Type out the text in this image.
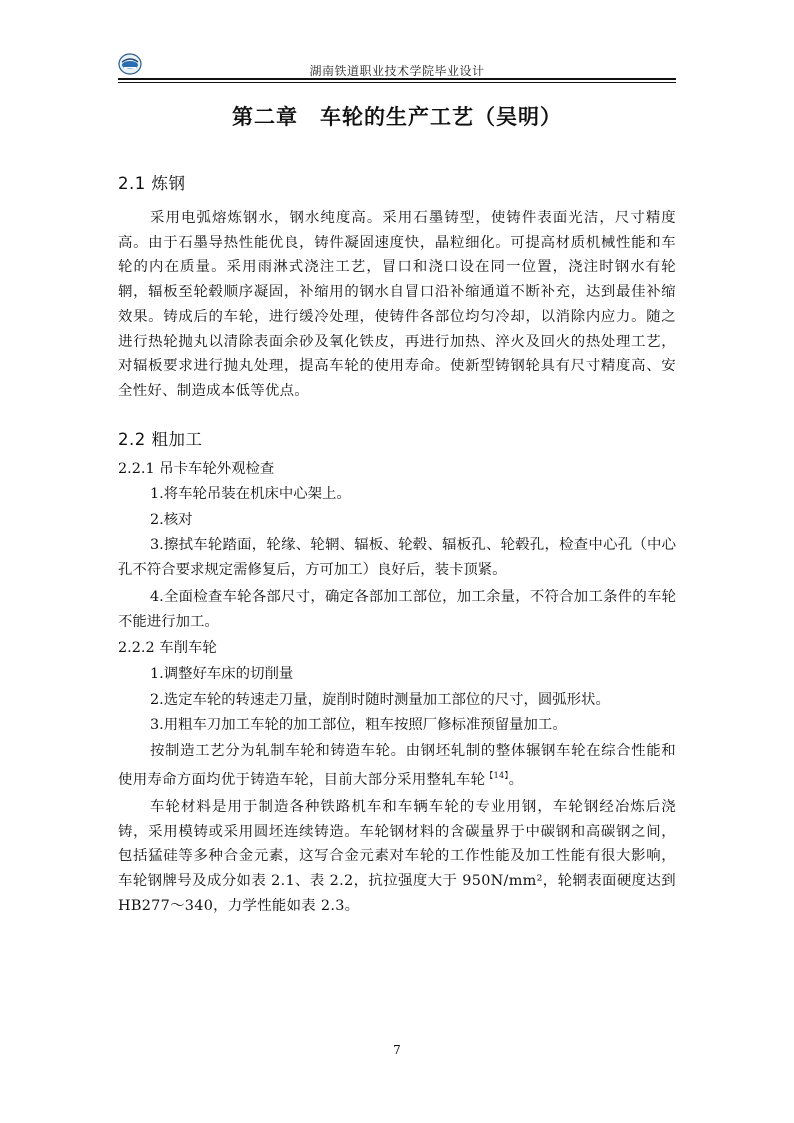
湖南铁道职业技术学院毕业设计
第二章　车轮的生产工艺（吴明）
2.1 炼钢
采用电弧熔炼钢水，钢水纯度高。采用石墨铸型，使铸件表面光洁，尺寸精度高。由于石墨导热性能优良，铸件凝固速度快，晶粒细化。可提高材质机械性能和车轮的内在质量。采用雨淋式浇注工艺，冒口和浇口设在同一位置，浇注时钢水有轮辋，辐板至轮毂顺序凝固，补缩用的钢水自冒口沿补缩通道不断补充，达到最佳补缩效果。铸成后的车轮，进行缓冷处理，使铸件各部位均匀冷却，以消除内应力。随之进行热轮抛丸以清除表面余砂及氧化铁皮，再进行加热、淬火及回火的热处理工艺，对辐板要求进行抛丸处理，提高车轮的使用寿命。使新型铸钢轮具有尺寸精度高、安全性好、制造成本低等优点。
2.2 粗加工
2.2.1 吊卡车轮外观检查
1.将车轮吊装在机床中心架上。
2.核对
3.擦拭车轮踏面，轮缘、轮辋、辐板、轮毂、辐板孔、轮毂孔，检查中心孔（中心孔不符合要求规定需修复后，方可加工）良好后，装卡顶紧。
4.全面检查车轮各部尺寸，确定各部加工部位，加工余量，不符合加工条件的车轮不能进行加工。
2.2.2 车削车轮
1.调整好车床的切削量
2.选定车轮的转速走刀量，旋削时随时测量加工部位的尺寸，圆弧形状。
3.用粗车刀加工车轮的加工部位，粗车按照厂修标准预留量加工。
按制造工艺分为轧制车轮和铸造车轮。由钢坯轧制的整体辗钢车轮在综合性能和使用寿命方面均优于铸造车轮，目前大部分采用整轧车轮$^{【14】}$。
车轮材料是用于制造各种铁路机车和车辆车轮的专业用钢，车轮钢经冶炼后浇铸，采用模铸或采用圆坯连续铸造。车轮钢材料的含碳量界于中碳钢和高碳钢之间，包括猛硅等多种合金元素，这写合金元素对车轮的工作性能及加工性能有很大影响，车轮钢牌号及成分如表 2.1、表 2.2，抗拉强度大于 950N/mm²，轮辋表面硬度达到 HB277～340，力学性能如表 2.3。
7
